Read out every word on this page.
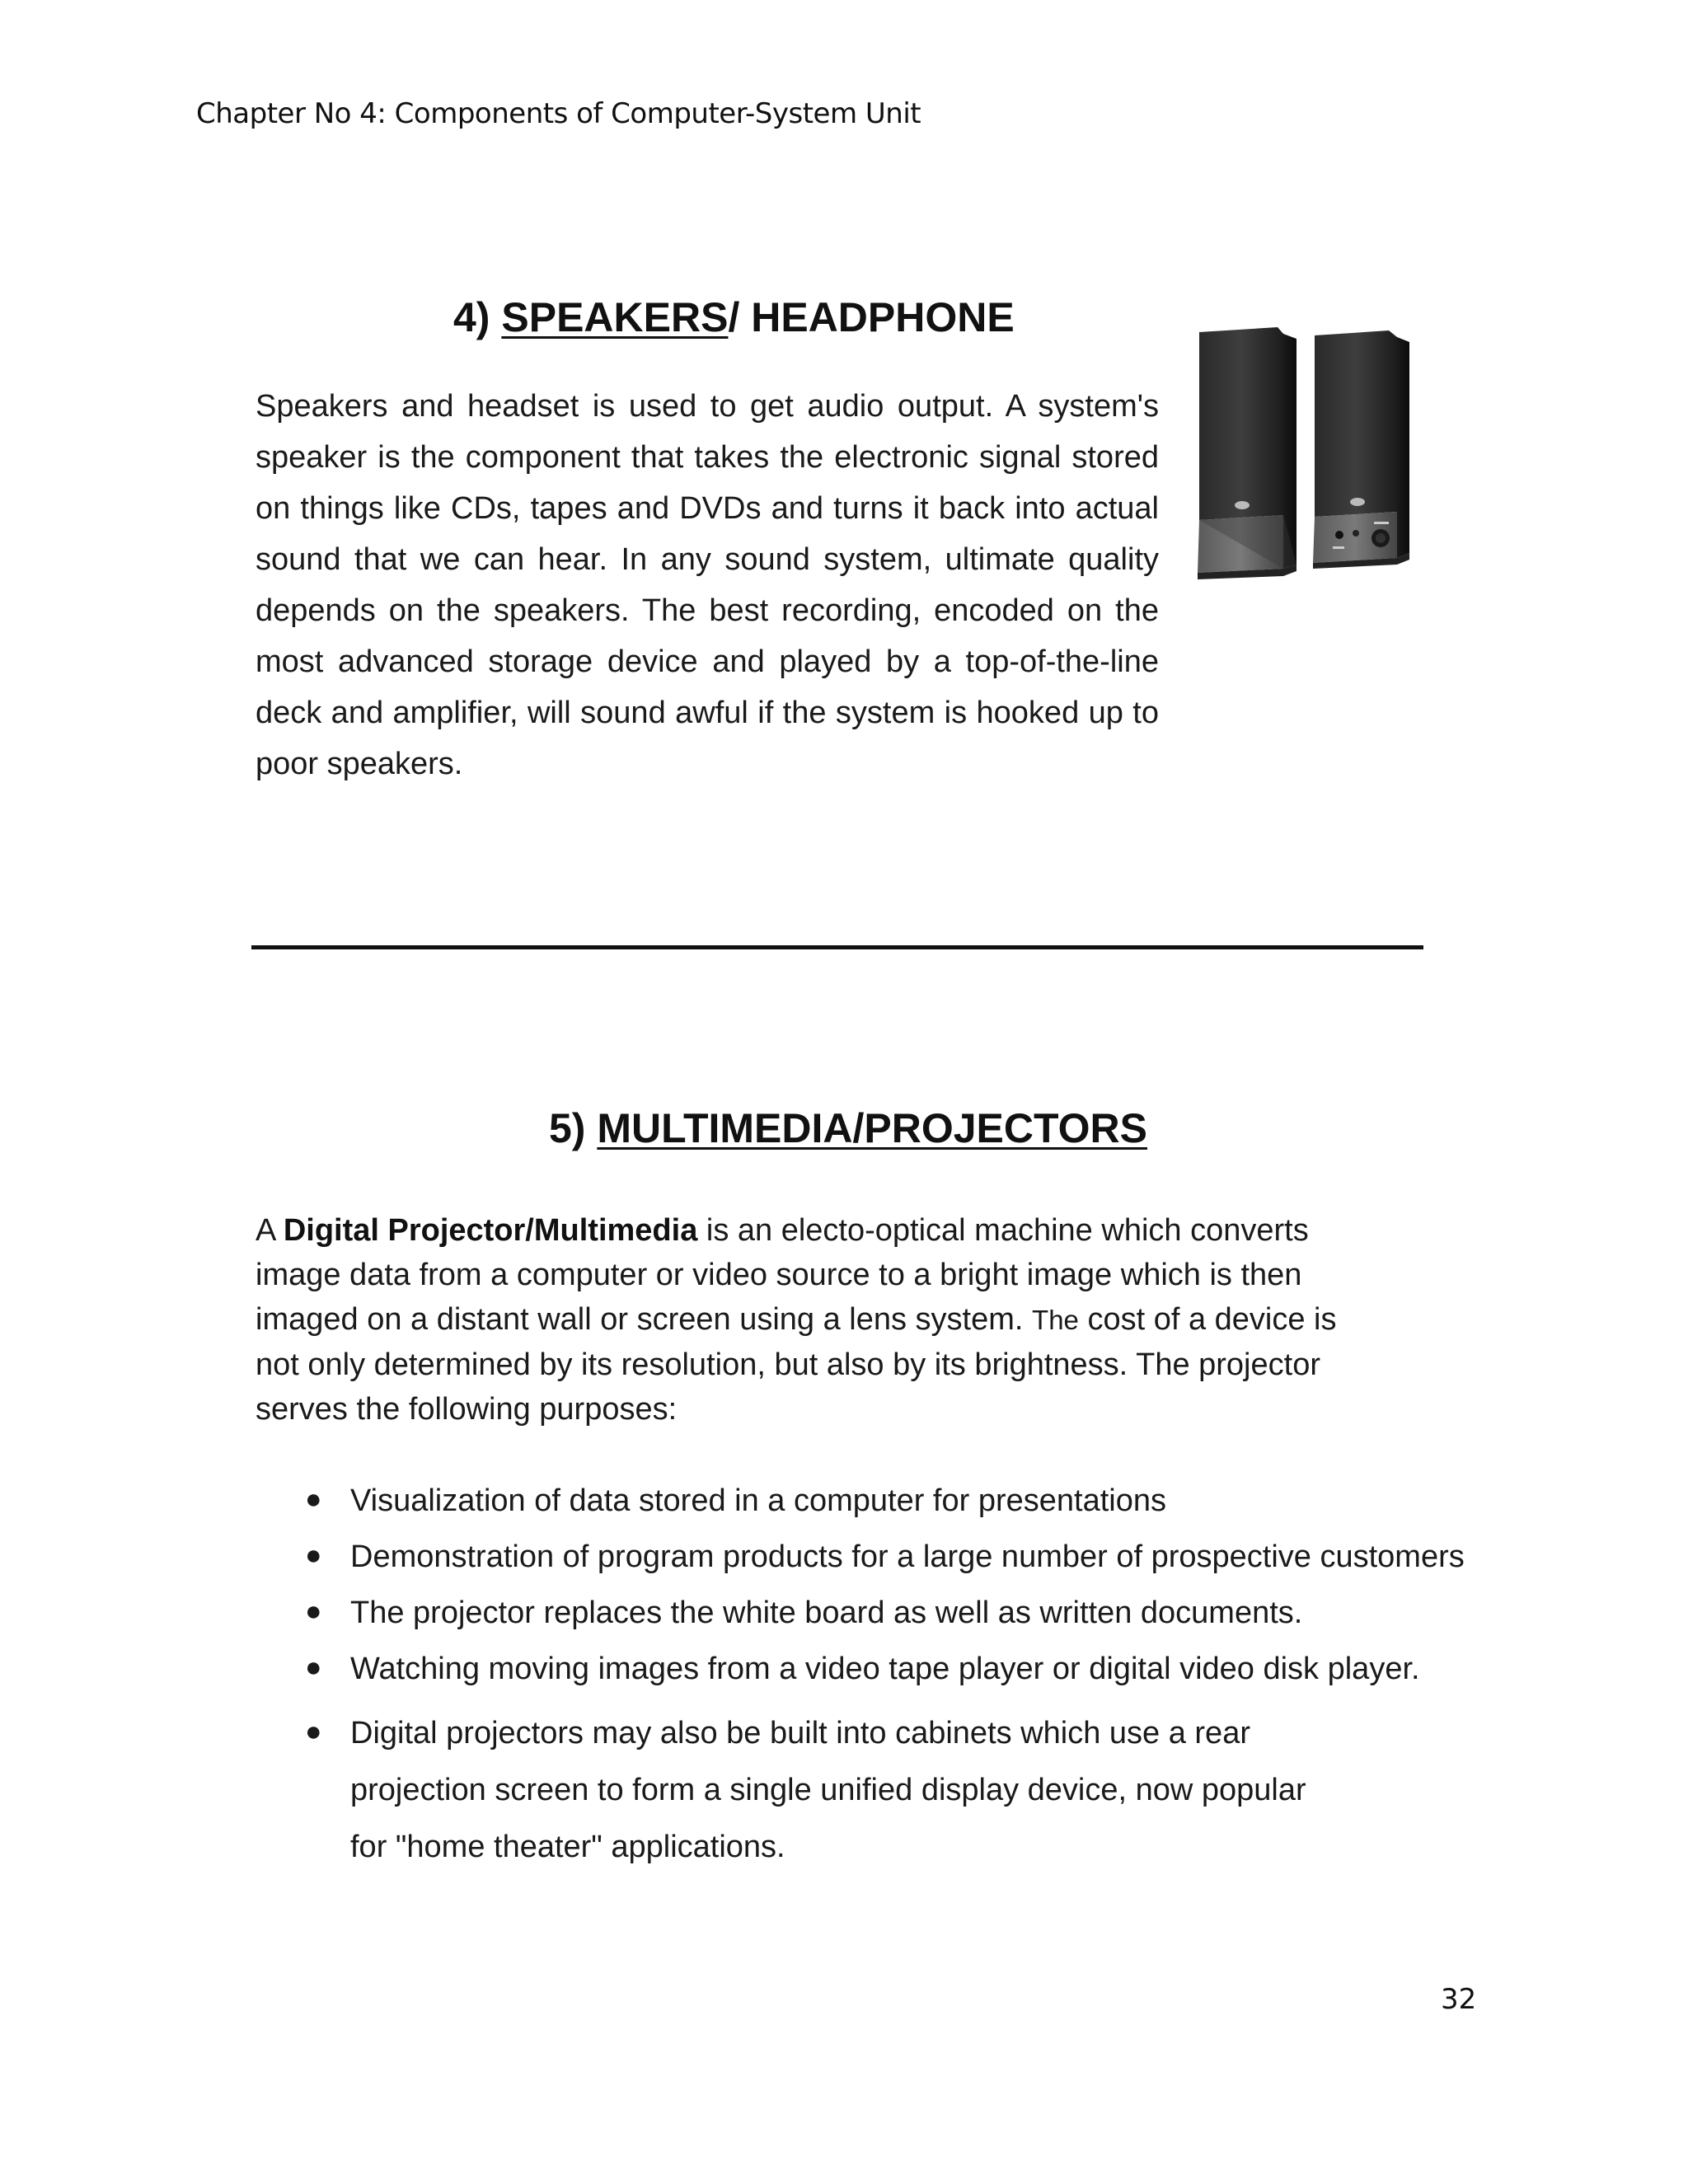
Chapter No 4: Components of Computer-System Unit
4) SPEAKERS/ HEADPHONE
Speakers and headset is used to get audio output. A system's speaker is the component that takes the electronic signal stored on things like CDs, tapes and DVDs and turns it back into actual sound that we can hear. In any sound system, ultimate quality depends on the speakers. The best recording, encoded on the most advanced storage device and played by a top-of-the-line deck and amplifier, will sound awful if the system is hooked up to poor speakers.
5) MULTIMEDIA/PROJECTORS
A Digital Projector/Multimedia is an electo-optical machine which converts
image data from a computer or video source to a bright image which is then
imaged on a distant wall or screen using a lens system. The cost of a device is
not only determined by its resolution, but also by its brightness. The projector
serves the following purposes:
● Visualization of data stored in a computer for presentations
● Demonstration of program products for a large number of prospective customers
● The projector replaces the white board as well as written documents.
● Watching moving images from a video tape player or digital video disk player.
● Digital projectors may also be built into cabinets which use a rear
projection screen to form a single unified display device, now popular
for "home theater" applications.
32
